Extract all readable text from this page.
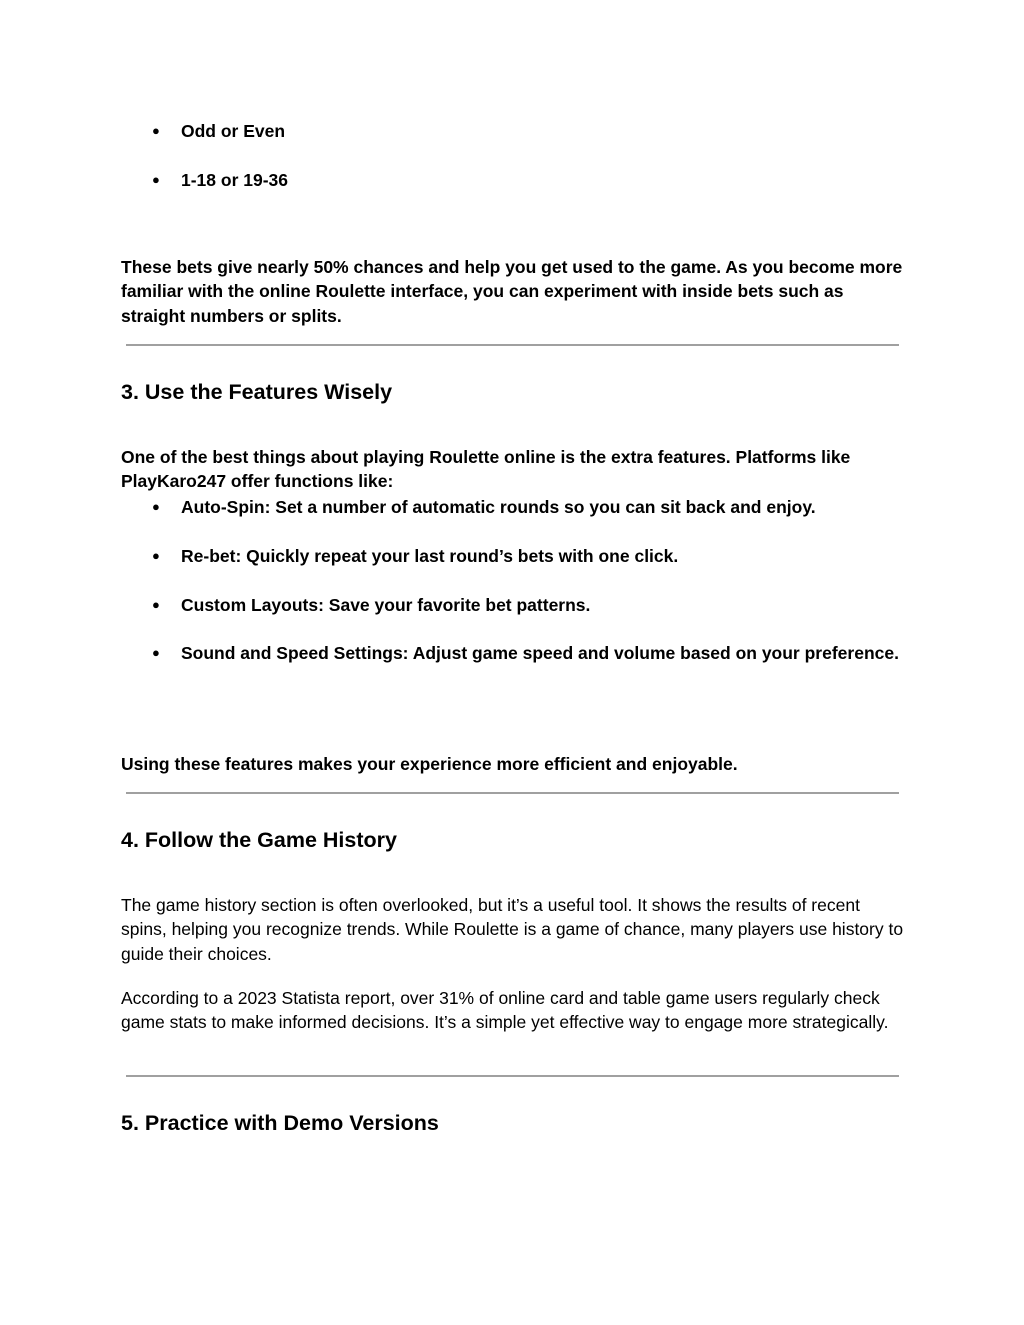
● Odd or Even
● 1-18 or 19-36

These bets give nearly 50% chances and help you get used to the game. As you become more familiar with the online Roulette interface, you can experiment with inside bets such as straight numbers or splits.

3. Use the Features Wisely

One of the best things about playing Roulette online is the extra features. Platforms like PlayKaro247 offer functions like:

● Auto-Spin: Set a number of automatic rounds so you can sit back and enjoy.
● Re-bet: Quickly repeat your last round’s bets with one click.
● Custom Layouts: Save your favorite bet patterns.
● Sound and Speed Settings: Adjust game speed and volume based on your preference.

Using these features makes your experience more efficient and enjoyable.

4. Follow the Game History

The game history section is often overlooked, but it’s a useful tool. It shows the results of recent spins, helping you recognize trends. While Roulette is a game of chance, many players use history to guide their choices.

According to a 2023 Statista report, over 31% of online card and table game users regularly check game stats to make informed decisions. It’s a simple yet effective way to engage more strategically.

5. Practice with Demo Versions
